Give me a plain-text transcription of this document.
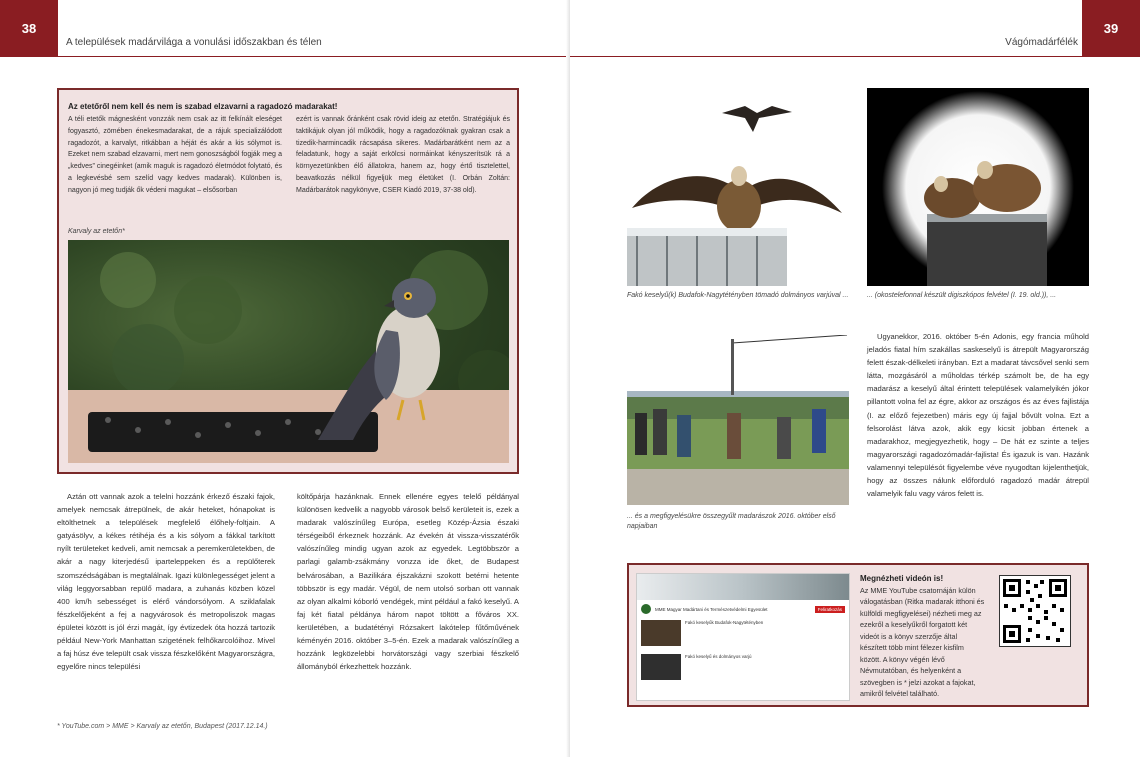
38
A települések madárvilága a vonulási időszakban és télen
Az etetőről nem kell és nem is szabad elzavarni a ragadozó madarakat!
A téli etetők mágnesként vonzzák nem csak az itt felkínált eleséget fogyasztó, zömében énekesmadarakat, de a rájuk specializálódott ragadozót, a karvalyt, ritkábban a héját és akár a kis sólymot is. Ezeket nem szabad elzavarni, mert nem gonoszságból fogják meg a „kedves” cinegéinket (amik maguk is ragadozó életmódot folytató, és a legkevésbé sem szelíd vagy kedves madarak). Különben is, nagyon jó meg tudják ők védeni magukat – elsősorban
ezért is vannak őránként csak rövid ideig az etetőn. Stratégiájuk és taktikájuk olyan jól működik, hogy a ragadozóknak gyakran csak a tizedik-harmincadik rácsapása sikeres. Madárbarátként nem az a feladatunk, hogy a saját erkölcsi normáinkat kényszerítsük rá a környezetünkben élő állatokra, hanem az, hogy értő tisztelettel, beavatkozás nélkül figyeljük meg életüket (I. Orbán Zoltán: Madárbarátok nagykönyve, CSER Kiadó 2019, 37-38 old).
Karvaly az etetőn*

Aztán ott vannak azok a telelni hozzánk érkező északi fajok, amelyek nemcsak átrepülnek, de akár heteket, hónapokat is eltölthetnek a települések megfelelő élőhely-foltjain. A gatyásölyv, a kékes rétihéja és a kis sólyom a fákkal tarkított nyílt területeket kedveli, amit nemcsak a peremkerületekben, de akár a nagy kiterjedésű iparteleppeken és a repülőterek szomszédságában is megtalálnak. Igazi különlegességet jelent a világ leggyorsabban repülő madara, a zuhanás közben közel 400 km/h sebességet is elérő vándorsólyom. A sziklafalak fészkelőjeként a fej a nagyvárosok és metropoliszok magas épületei között is jól érzi magát, így évtizedek óta hozzá tartozik például New-York Manhattan szigetének felhőkarcolóihoz. Mivel a faj húsz éve települt csak vissza fészkelőként Magyarországra, egyelőre nincs települési

költőpárja hazánknak. Ennek ellenére egyes telelő példányal különösen kedvelik a nagyobb városok belső kerületeit is, ezek a madarak valószínűleg Európa, esetleg Közép-Ázsia északi térségeiből érkeznek hozzánk. Az évekén át visszа-visszatérők valószínűleg mindig ugyan azok az egyedek. Legtöbbször a parlagi galamb-zsákmány vonzza ide őket, de Budapest belvárosában, a Bazilikára éjszakázni szokott betérni hetente többször is egy madár. Végül, de nem utolsó sorban ott vannak az olyan alkalmi kóborló vendégek, mint például a fakó keselyű. A faj két fiatal példánya három napot töltött a főváros XX. kerületében, a budatétényi Rózsakert lakótelep fűtőművének kéményén 2016. október 3–5-én. Ezek a madarak valószínűleg a hozzánk legközelebbi horvátországi vagy szerbiai fészkelő állományból érkezhettek hozzánk.

* YouTube.com > MME > Karvaly az etetőn, Budapest (2017.12.14.)
Vágómadárfélék
39
Fakó keselyű(k) Budafok-Nagytétényben tömadó dolmányos varjúval ...	... (okostelefonnal készült digiszkópos felvétel (I. 19. old.)), ...
... és a megfigyelésükre összegyűlt madarászok 2016. október első napjaiban

Ugyanekkor, 2016. október 5-én Adonis, egy francia műhold jeladós fiatal hím szakállas saskeselyű is átrepült Magyarország felett észak-délkeleti irányban. Ezt a madarat távcsővel senki sem látta, mozgásáról a műholdas térkép számolt be, de ha egy madarász a keselyű által érintett települések valamelyikén jókor pillantott volna fel az égre, akkor az országos és az éves fajlistája (I. az előző fejezetben) máris egy új fajjal bővült volna. Ezt a felsorolást látva azok, akik egy kicsit jobban értenek a madarakhoz, megjegyezhetik, hogy – De hát ez szinte a teljes magyarországi ragadozómadár-fajlista! És igazuk is van. Hazánk valamennyi településót figyelembe véve nyugodtan kijelenthetjük, hogy az összes nálunk előforduló ragadozó madár átrepül valamelyik falu vagy város felett is.

MME Magyar Madártani és Természetvédelmi Egyesület	Feliratkozás
Fakó keselyűk Budafok-Nagytétényben
Fakó keselyű és dolmányos varjú
Megnézheti videón is!
Az MME YouTube csatornáján külön válogatásban (Ritka madarak itthoni és külföldi megfigyelései) nézheti meg az ezekről a keselyűkről forgatott két videót is a könyv szerzője által készített több mint félezer kisfilm között. A könyv végén lévő Névmutatóban, és helyenként a szövegben is * jelzi azokat a fajokat, amikről felvétel található.
